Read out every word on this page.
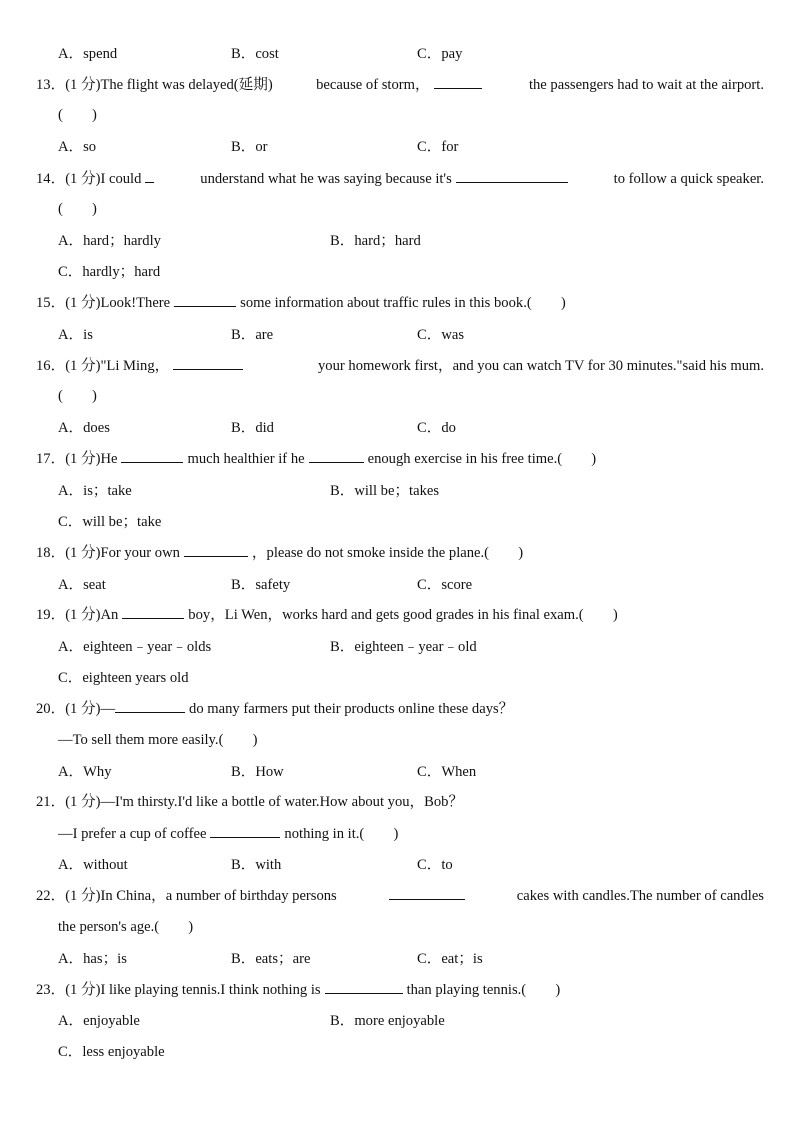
A．spend	B．cost	C．pay
13．(1 分)The flight was delayed(延期)	because of storm，	the passengers had to wait at the airport.
(　　)
A．so	B．or	C．for
14．(1 分)I could	understand what he was saying because it's	to follow a quick speaker.
(　　)
A．hard；hardly	B．hard；hard
C．hardly；hard
15．(1 分)Look!There	some information about traffic rules in this book.(　　)
A．is	B．are	C．was
16．(1 分)"Li Ming，	your homework first，and you can watch TV for 30 minutes."said his mum.
(　　)
A．does	B．did	C．do
17．(1 分)He	much healthier if he	enough exercise in his free time.(　　)
A．is；take	B．will be；takes
C．will be；take
18．(1 分)For your own	，please do not smoke inside the plane.(　　)
A．seat	B．safety	C．score
19．(1 分)An	boy，Li Wen，works hard and gets good grades in his final exam.(　　)
A．eighteen﹣year﹣olds	B．eighteen﹣year﹣old
C．eighteen years old
20．(1 分)—	do many farmers put their products online these days？
—To sell them more easily.(　　)
A．Why	B．How	C．When
21．(1 分)—I'm thirsty.I'd like a bottle of water.How about you，Bob？
—I prefer a cup of coffee	nothing in it.(　　)
A．without	B．with	C．to
22．(1 分)In China，a number of birthday persons	cakes with candles.The number of candles
the person's age.(　　)
A．has；is	B．eats；are	C．eat；is
23．(1 分)I like playing tennis.I think nothing is	than playing tennis.(　　)
A．enjoyable	B．more enjoyable
C．less enjoyable
